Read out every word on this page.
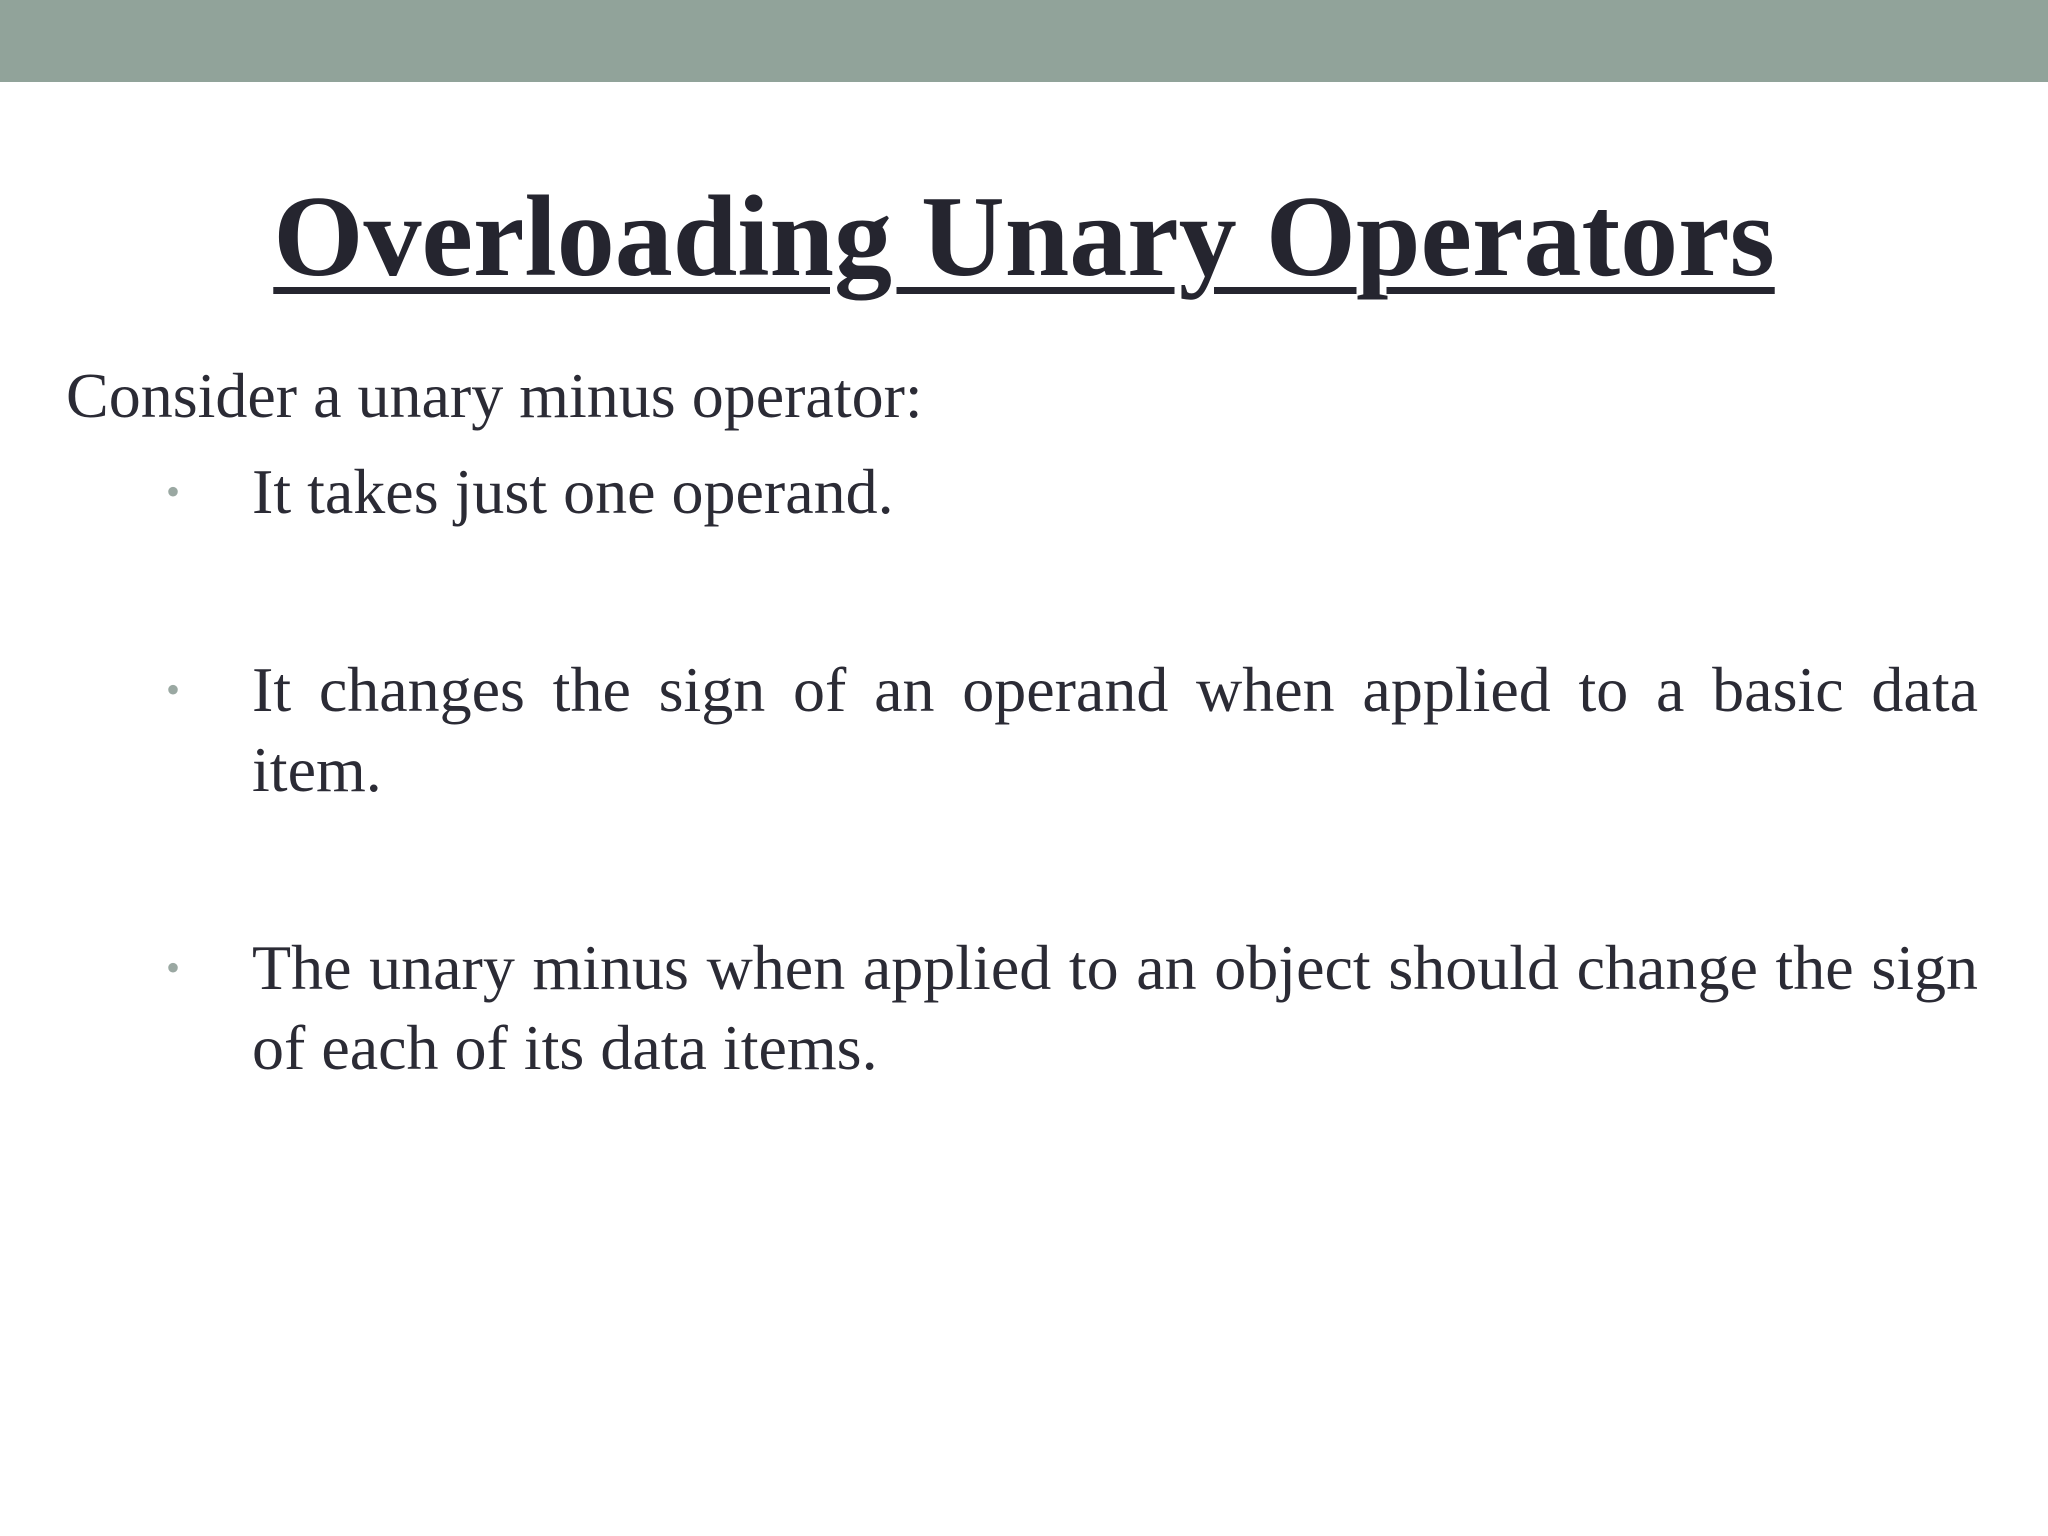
Overloading Unary Operators

Consider a unary minus operator:

• It takes just one operand.

• It changes the sign of an operand when applied to a basic data item.

• The unary minus when applied to an object should change the sign of each of its data items.
